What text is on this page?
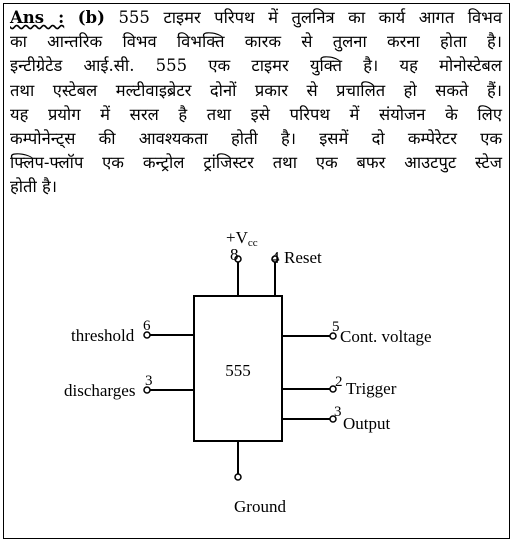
Ans : (b) 555 टाइमर परिपथ में तुलनित्र का कार्य आगत विभव
का आन्तरिक विभव विभक्ति कारक से तुलना करना होता है।
इन्टीग्रेटेड आई.सी. 555 एक टाइमर युक्ति है। यह मोनोस्टेबल
तथा एस्टेबल मल्टीवाइब्रेटर दोनों प्रकार से प्रचालित हो सकते हैं।
यह प्रयोग में सरल है तथा इसे परिपथ में संयोजन के लिए
कम्पोनेन्ट्स की आवश्यकता होती है। इसमें दो कम्पेरेटर एक
फ्लिप-फ्लॉप एक कन्ट्रोल ट्रांजिस्टर तथा एक बफर आउटपुट स्टेज
होती है।
555
+Vcc
8 4 Reset
threshold 6
discharges 3
5 Cont. voltage
2 Trigger
3
Output
Ground
